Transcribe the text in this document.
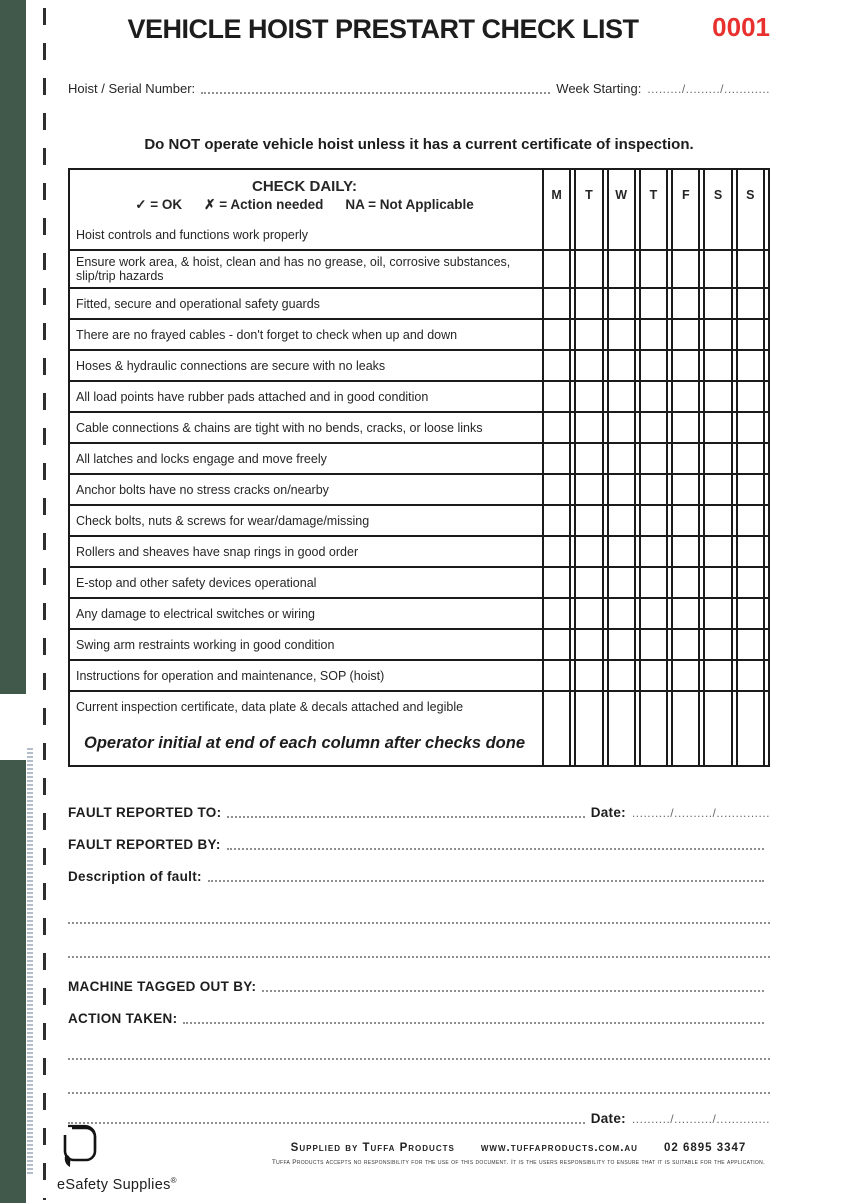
VEHICLE HOIST PRESTART CHECK LIST	0001
Hoist / Serial Number:	Week Starting: ........./........./............
Do NOT operate vehicle hoist unless it has a current certificate of inspection.
CHECK DAILY:
✓ = OK ✗ = Action needed NA = Not Applicable
M	T	W	T	F	S	S
Hoist controls and functions work properly
Ensure work area, & hoist, clean and has no grease, oil, corrosive substances, slip/trip hazards
Fitted, secure and operational safety guards
There are no frayed cables - don't forget to check when up and down
Hoses & hydraulic connections are secure with no leaks
All load points have rubber pads attached and in good condition
Cable connections & chains are tight with no bends, cracks, or loose links
All latches and locks engage and move freely
Anchor bolts have no stress cracks on/nearby
Check bolts, nuts & screws for wear/damage/missing
Rollers and sheaves have snap rings in good order
E-stop and other safety devices operational
Any damage to electrical switches or wiring
Swing arm restraints working in good condition
Instructions for operation and maintenance, SOP (hoist)
Current inspection certificate, data plate & decals attached and legible
Operator initial at end of each column after checks done
FAULT REPORTED TO:	Date: ........../........../..............
FAULT REPORTED BY:
Description of fault:
MACHINE TAGGED OUT BY:
ACTION TAKEN:
Date: ........../........../..............
eSafety Supplies®
Supplied by Tuffa Products www.tuffaproducts.com.au 02 6895 3347
Tuffa Products accepts no responsibility for the use of this document. It is the users responsibility to ensure that it is suitable for the application.
